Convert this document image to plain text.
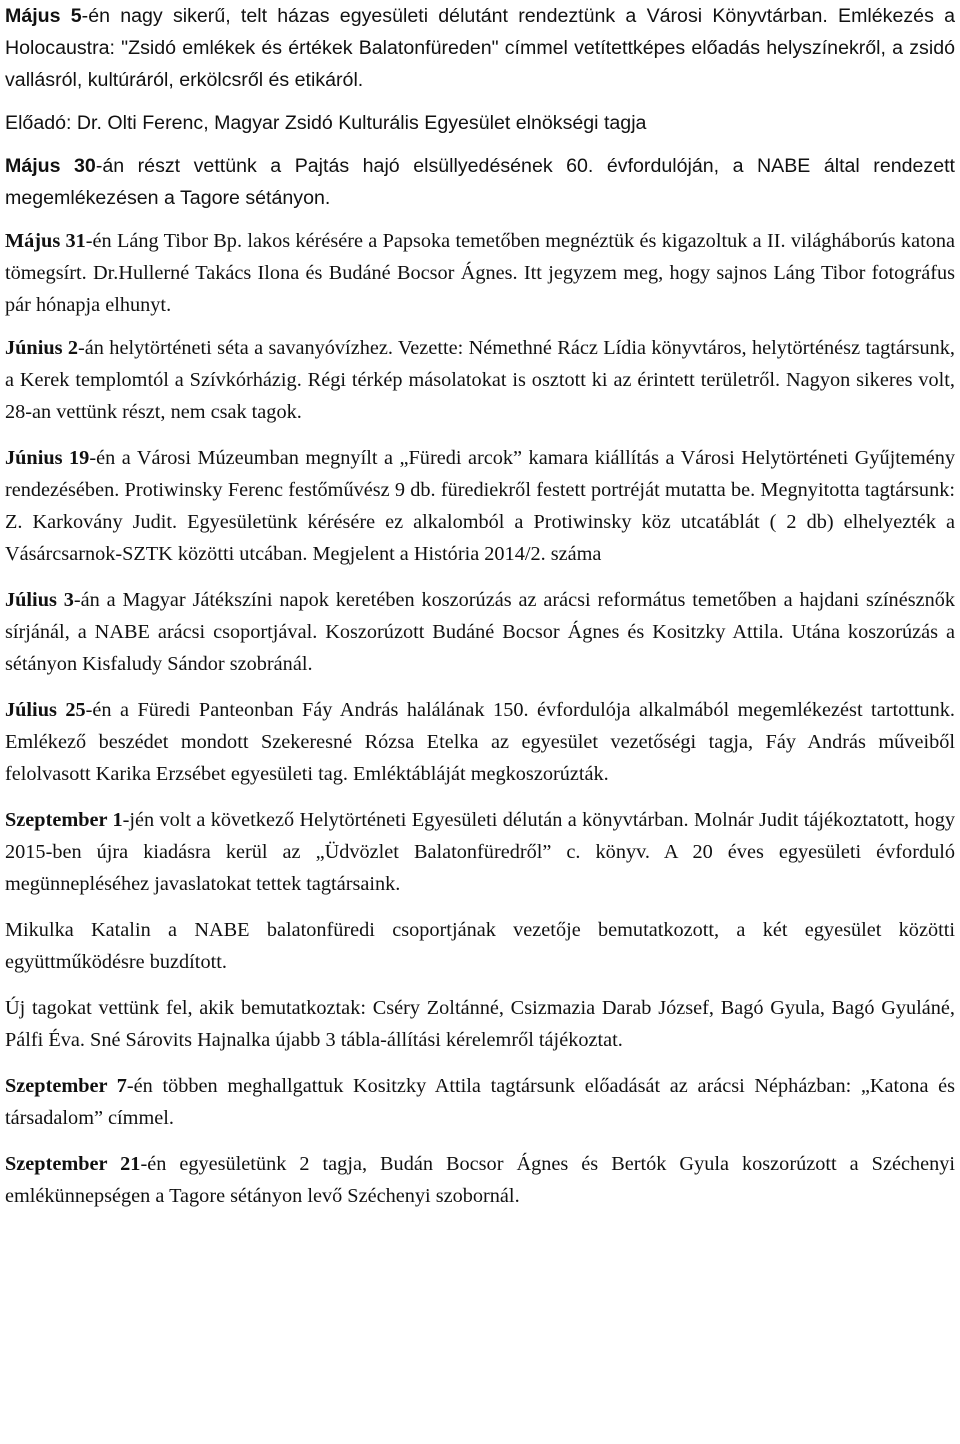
Május 5-én nagy sikerű, telt házas egyesületi délutánt rendeztünk a Városi Könyvtárban. Emlékezés a Holocaustra: "Zsidó emlékek és értékek Balatonfüreden" címmel vetítettképes előadás helyszínekről, a zsidó vallásról, kultúráról, erkölcsről és etikáról.

Előadó: Dr. Olti Ferenc, Magyar Zsidó Kulturális Egyesület elnökségi tagja

Május 30-án részt vettünk a Pajtás hajó elsüllyedésének 60. évfordulóján, a NABE által rendezett megemlékezésen a Tagore sétányon.

Május 31-én Láng Tibor Bp. lakos kérésére a Papsoka temetőben megnéztük és kigazoltuk a II. világháborús katona tömegsírt. Dr.Hullerné Takács Ilona és Budáné Bocsor Ágnes. Itt jegyzem meg, hogy sajnos Láng Tibor fotográfus pár hónapja elhunyt.

Június 2-án helytörténeti séta a savanyóvízhez. Vezette: Némethné Rácz Lídia könyvtáros, helytörténész tagtársunk, a Kerek templomtól a Szívkórházig. Régi térkép másolatokat is osztott ki az érintett területről. Nagyon sikeres volt, 28-an vettünk részt, nem csak tagok.

Június 19-én a Városi Múzeumban megnyílt a „Füredi arcok” kamara kiállítás a Városi Helytörténeti Gyűjtemény rendezésében. Protiwinsky Ferenc festőművész 9 db. fürediekről festett portréját mutatta be. Megnyitotta tagtársunk: Z. Karkovány Judit. Egyesületünk kérésére ez alkalomból a Protiwinsky köz utcatáblát ( 2 db) elhelyezték a Vásárcsarnok-SZTK közötti utcában. Megjelent a História 2014/2. száma

Július 3-án a Magyar Játékszíni napok keretében koszorúzás az arácsi református temetőben a hajdani színésznők sírjánál, a NABE arácsi csoportjával. Koszorúzott Budáné Bocsor Ágnes és Kositzky Attila. Utána koszorúzás a sétányon Kisfaludy Sándor szobránál.

Július 25-én a Füredi Panteonban Fáy András halálának 150. évfordulója alkalmából megemlékezést tartottunk. Emlékező beszédet mondott Szekeresné Rózsa Etelka az egyesület vezetőségi tagja, Fáy András műveiből felolvasott Karika Erzsébet egyesületi tag. Emléktábláját megkoszorúzták.

Szeptember 1-jén volt a következő Helytörténeti Egyesületi délután a könyvtárban. Molnár Judit tájékoztatott, hogy 2015-ben újra kiadásra kerül az „Üdvözlet Balatonfüredről” c. könyv. A 20 éves egyesületi évforduló megünnepléséhez javaslatokat tettek tagtársaink.

Mikulka Katalin a NABE balatonfüredi csoportjának vezetője bemutatkozott, a két egyesület közötti együttműködésre buzdított.

Új tagokat vettünk fel, akik bemutatkoztak: Cséry Zoltánné, Csizmazia Darab József, Bagó Gyula, Bagó Gyuláné, Pálfi Éva. Sné Sárovits Hajnalka újabb 3 tábla-állítási kérelemről tájékoztat.

Szeptember 7-én többen meghallgattuk Kositzky Attila tagtársunk előadását az arácsi Népházban: „Katona és társadalom” címmel.

Szeptember 21-én egyesületünk 2 tagja, Budán Bocsor Ágnes és Bertók Gyula koszorúzott a Széchenyi emlékünnepségen a Tagore sétányon levő Széchenyi szobornál.
